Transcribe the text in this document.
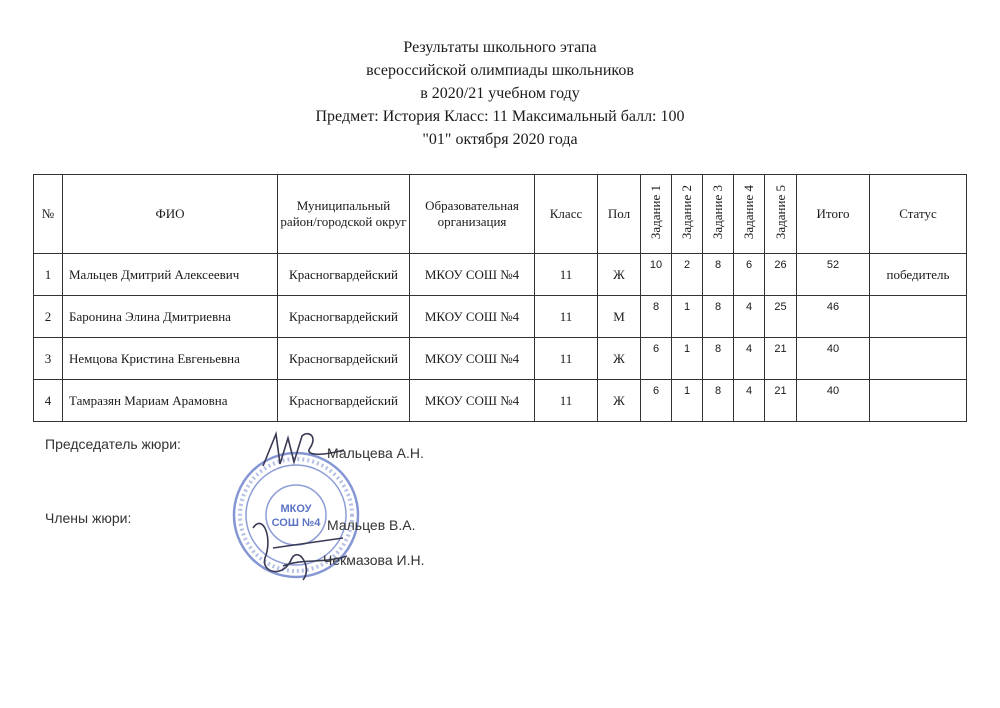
Результаты школьного этапа
всероссийской олимпиады школьников
в 2020/21 учебном году
Предмет: История Класс: 11 Максимальный балл: 100
"01" октября 2020 года
№	ФИО	Муниципальный район/городской округ	Образовательная организация	Класс	Пол	Задание 1	Задание 2	Задание 3	Задание 4	Задание 5	Итого	Статус
1	Мальцев Дмитрий Алексеевич	Красногвардейский	МКОУ СОШ №4	11	Ж	10	2	8	6	26	52	победитель
2	Баронина Элина Дмитриевна	Красногвардейский	МКОУ СОШ №4	11	М	8	1	8	4	25	46	
3	Немцова Кристина Евгеньевна	Красногвардейский	МКОУ СОШ №4	11	Ж	6	1	8	4	21	40	
4	Тамразян Мариам Арамовна	Красногвардейский	МКОУ СОШ №4	11	Ж	6	1	8	4	21	40	
МКОУ
СОШ №4
Председатель жюри:
Мальцева А.Н.
Члены жюри:	Мальцев В.А.
Чекмазова И.Н.
